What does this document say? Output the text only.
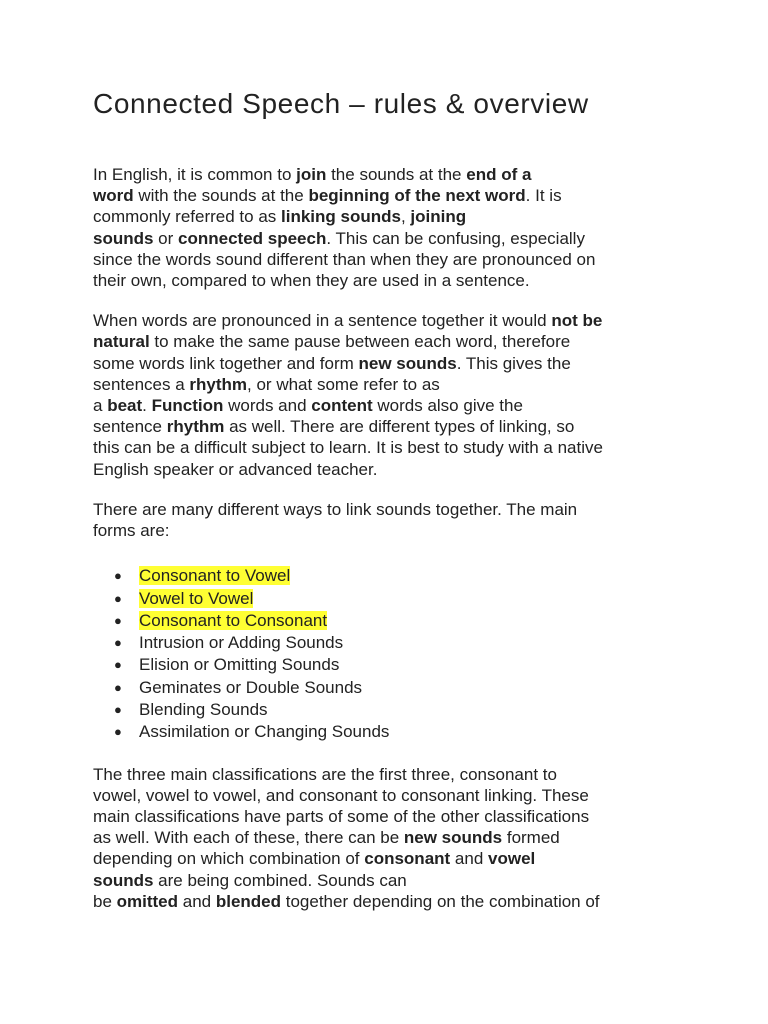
Connected Speech – rules & overview

In English, it is common to join the sounds at the end of a
word with the sounds at the beginning of the next word. It is
commonly referred to as linking sounds, joining
sounds or connected speech. This can be confusing, especially
since the words sound different than when they are pronounced on
their own, compared to when they are used in a sentence.

When words are pronounced in a sentence together it would not be
natural to make the same pause between each word, therefore
some words link together and form new sounds. This gives the
sentences a rhythm, or what some refer to as
a beat. Function words and content words also give the
sentence rhythm as well. There are different types of linking, so
this can be a difficult subject to learn. It is best to study with a native
English speaker or advanced teacher.

There are many different ways to link sounds together. The main
forms are:

● Consonant to Vowel
● Vowel to Vowel
● Consonant to Consonant
● Intrusion or Adding Sounds
● Elision or Omitting Sounds
● Geminates or Double Sounds
● Blending Sounds
● Assimilation or Changing Sounds

The three main classifications are the first three, consonant to
vowel, vowel to vowel, and consonant to consonant linking. These
main classifications have parts of some of the other classifications
as well. With each of these, there can be new sounds formed
depending on which combination of consonant and vowel
sounds are being combined. Sounds can
be omitted and blended together depending on the combination of
